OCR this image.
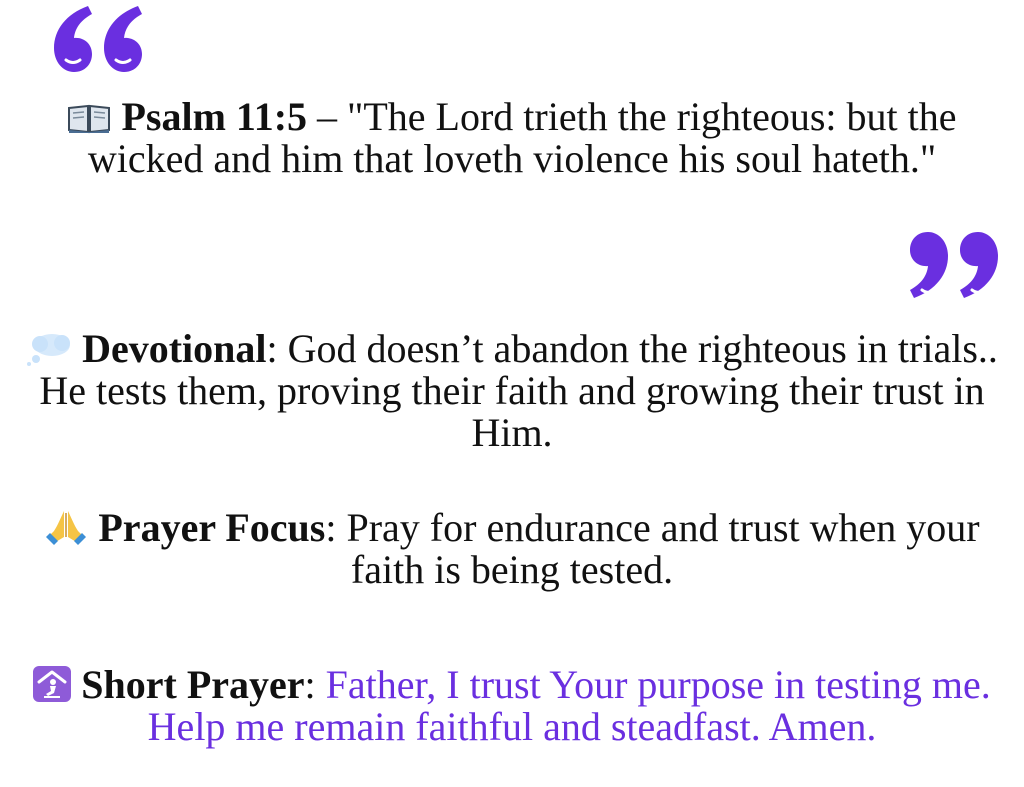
Psalm 11:5 – "The Lord trieth the righteous: but the wicked and him that loveth violence his soul hateth."
Devotional: God doesn’t abandon the righteous in trials.. He tests them, proving their faith and growing their trust in Him.
Prayer Focus: Pray for endurance and trust when your faith is being tested.
Short Prayer: Father, I trust Your purpose in testing me. Help me remain faithful and steadfast. Amen.
